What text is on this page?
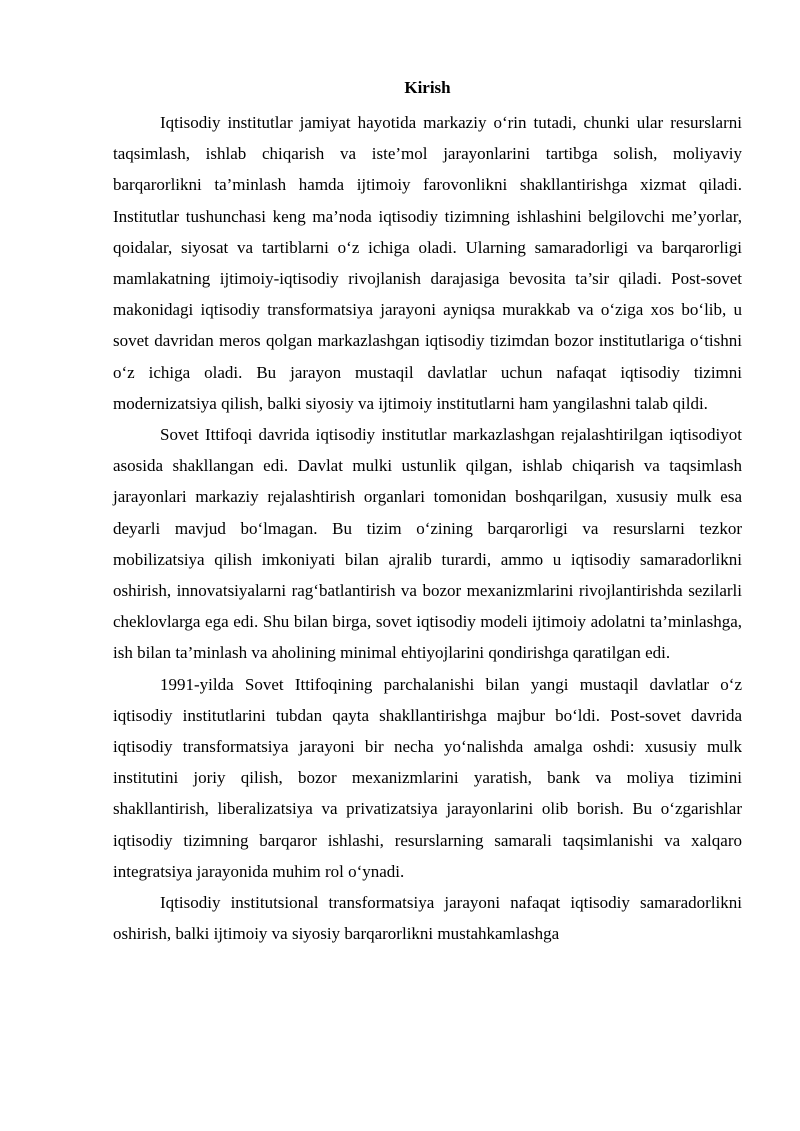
Kirish

Iqtisodiy institutlar jamiyat hayotida markaziy o‘rin tutadi, chunki ular resurslarni taqsimlash, ishlab chiqarish va iste’mol jarayonlarini tartibga solish, moliyaviy barqarorlikni ta’minlash hamda ijtimoiy farovonlikni shakllantirishga xizmat qiladi. Institutlar tushunchasi keng ma’noda iqtisodiy tizimning ishlashini belgilovchi me’yorlar, qoidalar, siyosat va tartiblarni o‘z ichiga oladi. Ularning samaradorligi va barqarorligi mamlakatning ijtimoiy-iqtisodiy rivojlanish darajasiga bevosita ta’sir qiladi. Post-sovet makonidagi iqtisodiy transformatsiya jarayoni ayniqsa murakkab va o‘ziga xos bo‘lib, u sovet davridan meros qolgan markazlashgan iqtisodiy tizimdan bozor institutlariga o‘tishni o‘z ichiga oladi. Bu jarayon mustaqil davlatlar uchun nafaqat iqtisodiy tizimni modernizatsiya qilish, balki siyosiy va ijtimoiy institutlarni ham yangilashni talab qildi.

Sovet Ittifoqi davrida iqtisodiy institutlar markazlashgan rejalashtirilgan iqtisodiyot asosida shakllangan edi. Davlat mulki ustunlik qilgan, ishlab chiqarish va taqsimlash jarayonlari markaziy rejalashtirish organlari tomonidan boshqarilgan, xususiy mulk esa deyarli mavjud bo‘lmagan. Bu tizim o‘zining barqarorligi va resurslarni tezkor mobilizatsiya qilish imkoniyati bilan ajralib turardi, ammo u iqtisodiy samaradorlikni oshirish, innovatsiyalarni rag‘batlantirish va bozor mexanizmlarini rivojlantirishda sezilarli cheklovlarga ega edi. Shu bilan birga, sovet iqtisodiy modeli ijtimoiy adolatni ta’minlashga, ish bilan ta’minlash va aholining minimal ehtiyojlarini qondirishga qaratilgan edi.

1991-yilda Sovet Ittifoqining parchalanishi bilan yangi mustaqil davlatlar o‘z iqtisodiy institutlarini tubdan qayta shakllantirishga majbur bo‘ldi. Post-sovet davrida iqtisodiy transformatsiya jarayoni bir necha yo‘nalishda amalga oshdi: xususiy mulk institutini joriy qilish, bozor mexanizmlarini yaratish, bank va moliya tizimini shakllantirish, liberalizatsiya va privatizatsiya jarayonlarini olib borish. Bu o‘zgarishlar iqtisodiy tizimning barqaror ishlashi, resurslarning samarali taqsimlanishi va xalqaro integratsiya jarayonida muhim rol o‘ynadi.

Iqtisodiy institutsional transformatsiya jarayoni nafaqat iqtisodiy samaradorlikni oshirish, balki ijtimoiy va siyosiy barqarorlikni mustahkamlashga
